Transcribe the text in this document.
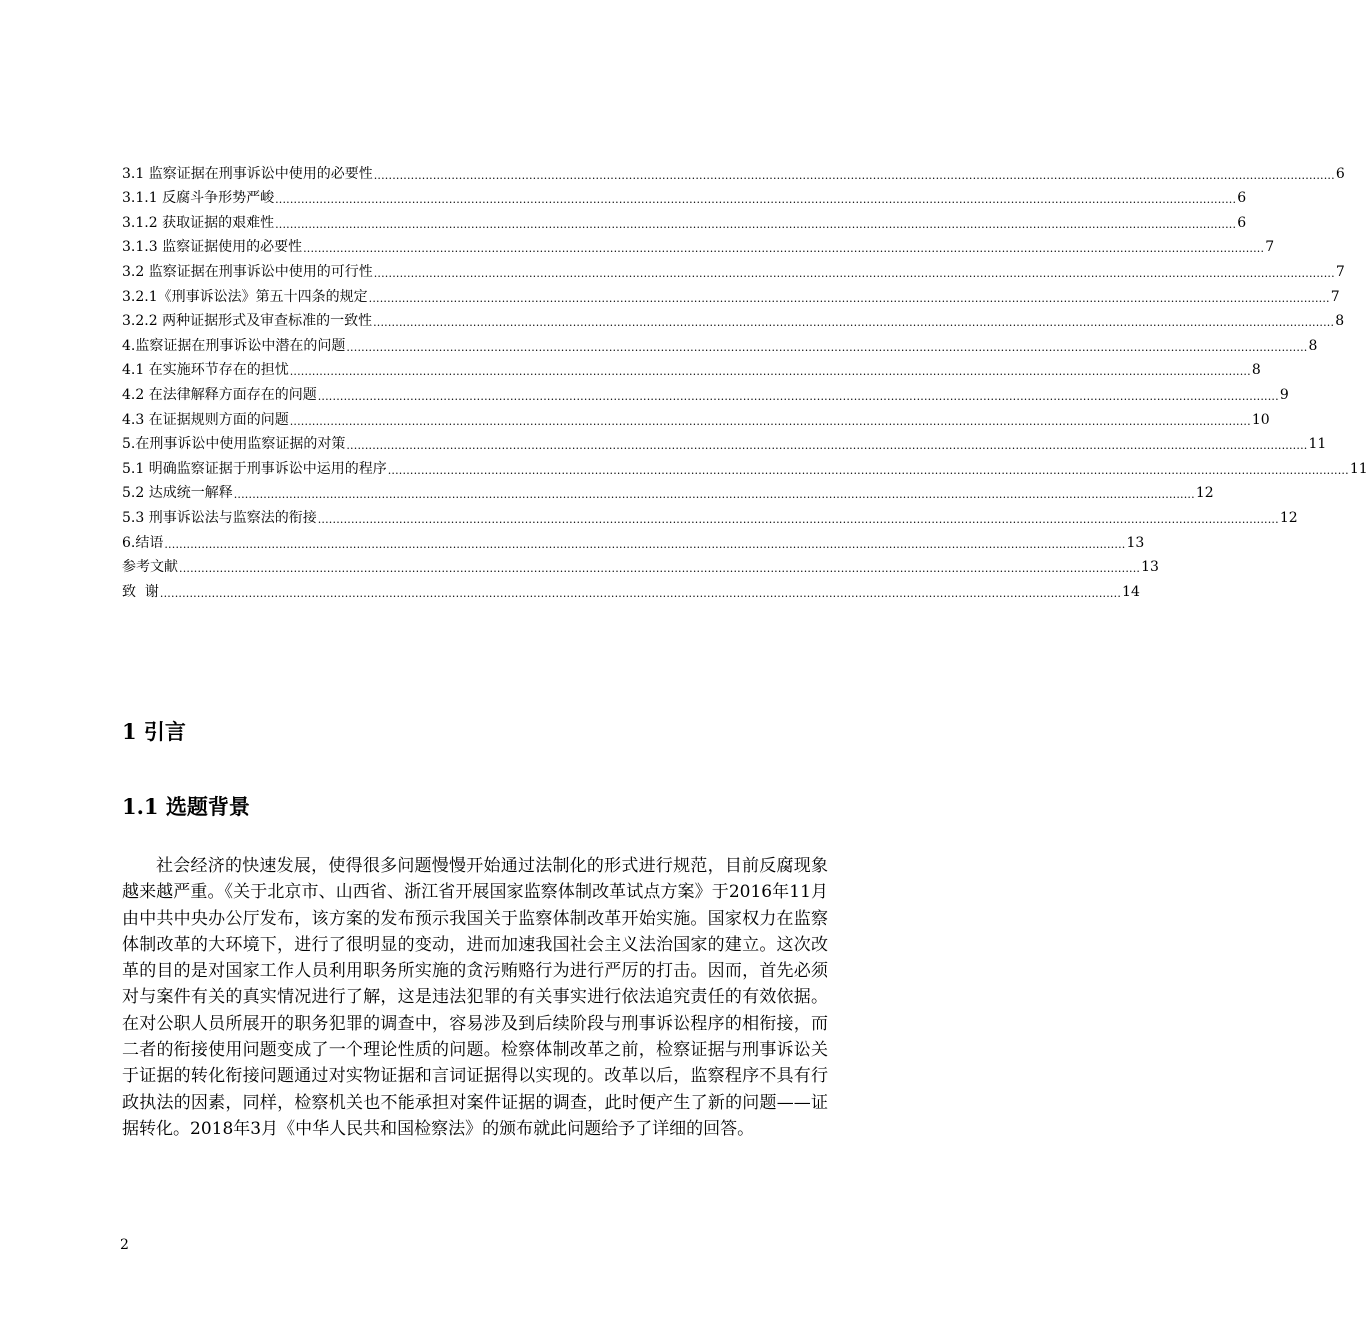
3.1 监察证据在刑事诉讼中使用的必要性 .................................................................................................................................................................................................................................................................... 6
3.1.1 反腐斗争形势严峻 .................................................................................................................................................................................................................................................................... 6
3.1.2 获取证据的艰难性 .................................................................................................................................................................................................................................................................... 6
3.1.3 监察证据使用的必要性 .................................................................................................................................................................................................................................................................... 7
3.2 监察证据在刑事诉讼中使用的可行性 .................................................................................................................................................................................................................................................................... 7
3.2.1《刑事诉讼法》第五十四条的规定 .................................................................................................................................................................................................................................................................... 7
3.2.2 两种证据形式及审查标准的一致性 .................................................................................................................................................................................................................................................................... 8
4.监察证据在刑事诉讼中潜在的问题 .................................................................................................................................................................................................................................................................... 8
4.1 在实施环节存在的担忧 .................................................................................................................................................................................................................................................................... 8
4.2 在法律解释方面存在的问题 .................................................................................................................................................................................................................................................................... 9
4.3 在证据规则方面的问题 .................................................................................................................................................................................................................................................................... 10
5.在刑事诉讼中使用监察证据的对策 .................................................................................................................................................................................................................................................................... 11
5.1 明确监察证据于刑事诉讼中运用的程序 .................................................................................................................................................................................................................................................................... 11
5.2 达成统一解释 .................................................................................................................................................................................................................................................................... 12
5.3 刑事诉讼法与监察法的衔接 .................................................................................................................................................................................................................................................................... 12
6.结语 .................................................................................................................................................................................................................................................................... 13
参考文献 .................................................................................................................................................................................................................................................................... 13
致  谢 .................................................................................................................................................................................................................................................................... 14
1 引言
1.1 选题背景

社会经济的快速发展，使得很多问题慢慢开始通过法制化的形式进行规范，目前反腐现象越来越严重。《关于北京市、山西省、浙江省开展国家监察体制改革试点方案》于2016年11月由中共中央办公厅发布，该方案的发布预示我国关于监察体制改革开始实施。国家权力在监察体制改革的大环境下，进行了很明显的变动，进而加速我国社会主义法治国家的建立。这次改革的目的是对国家工作人员利用职务所实施的贪污贿赂行为进行严厉的打击。因而，首先必须对与案件有关的真实情况进行了解，这是违法犯罪的有关事实进行依法追究责任的有效依据。在对公职人员所展开的职务犯罪的调查中，容易涉及到后续阶段与刑事诉讼程序的相衔接，而二者的衔接使用问题变成了一个理论性质的问题。检察体制改革之前，检察证据与刑事诉讼关于证据的转化衔接问题通过对实物证据和言词证据得以实现的。改革以后，监察程序不具有行政执法的因素，同样，检察机关也不能承担对案件证据的调查，此时便产生了新的问题——证据转化。2018年3月《中华人民共和国检察法》的颁布就此问题给予了详细的回答。

2
